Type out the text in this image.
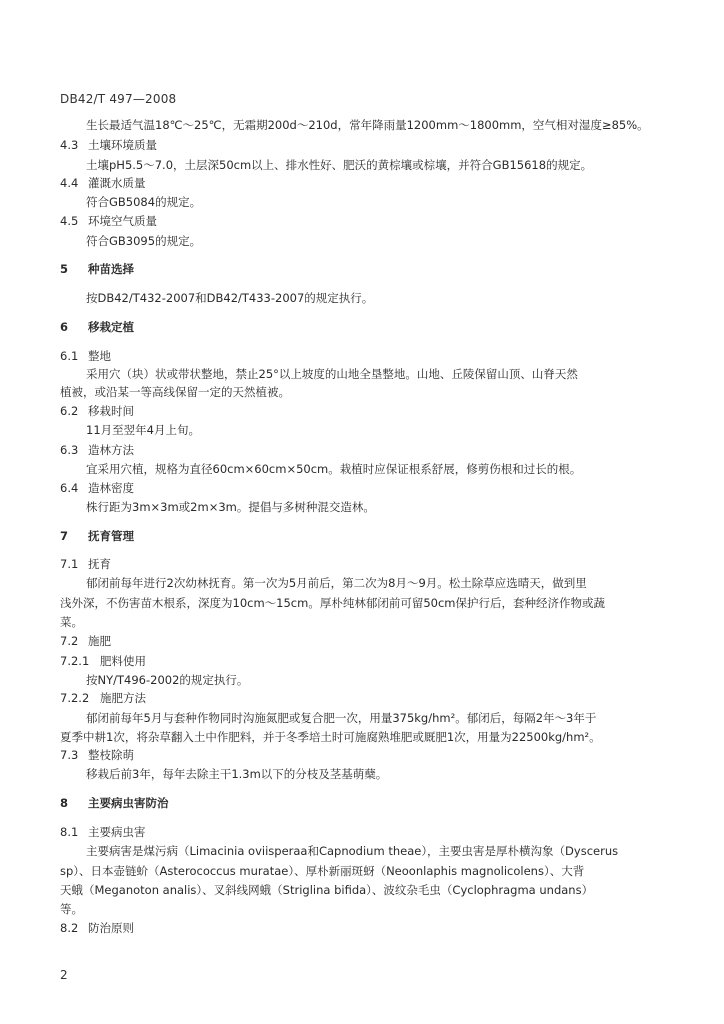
DB42/T 497—2008
生长最适气温18℃～25℃，无霜期200d～210d，常年降雨量1200mm～1800mm，空气相对湿度≥85%。
4.3 土壤环境质量
土壤pH5.5～7.0，土层深50cm以上、排水性好、肥沃的黄棕壤或棕壤，并符合GB15618的规定。
4.4 灌溉水质量
符合GB5084的规定。
4.5 环境空气质量
符合GB3095的规定。
5 种苗选择
按DB42/T432-2007和DB42/T433-2007的规定执行。
6 移栽定植
6.1 整地
采用穴（块）状或带状整地，禁止25°以上坡度的山地全垦整地。山地、丘陵保留山顶、山脊天然
植被，或沿某一等高线保留一定的天然植被。
6.2 移栽时间
11月至翌年4月上旬。
6.3 造林方法
宜采用穴植，规格为直径60cm×60cm×50cm。栽植时应保证根系舒展，修剪伤根和过长的根。
6.4 造林密度
株行距为3m×3m或2m×3m。提倡与多树种混交造林。
7 抚育管理
7.1 抚育
郁闭前每年进行2次幼林抚育。第一次为5月前后，第二次为8月～9月。松土除草应选晴天，做到里
浅外深，不伤害苗木根系，深度为10cm～15cm。厚朴纯林郁闭前可留50cm保护行后，套种经济作物或蔬
菜。
7.2 施肥
7.2.1 肥料使用
按NY/T496-2002的规定执行。
7.2.2 施肥方法
郁闭前每年5月与套种作物同时沟施氮肥或复合肥一次，用量375kg/hm²。郁闭后，每隔2年～3年于
夏季中耕1次，将杂草翻入土中作肥料，并于冬季培土时可施腐熟堆肥或厩肥1次，用量为22500kg/hm²。
7.3 整枝除萌
移栽后前3年，每年去除主干1.3m以下的分枝及茎基萌蘖。
8 主要病虫害防治
8.1 主要病虫害
主要病害是煤污病（Limacinia oviisperaa和Capnodium theae），主要虫害是厚朴横沟象（Dyscerus
sp）、日本壶链蚧（Asterococcus muratae）、厚朴新丽斑蚜（Neoonlaphis magnolicolens）、大背
天蛾（Meganoton analis）、叉斜线网蛾（Striglina bifida）、波纹杂毛虫（Cyclophragma undans）
等。
8.2 防治原则
2
